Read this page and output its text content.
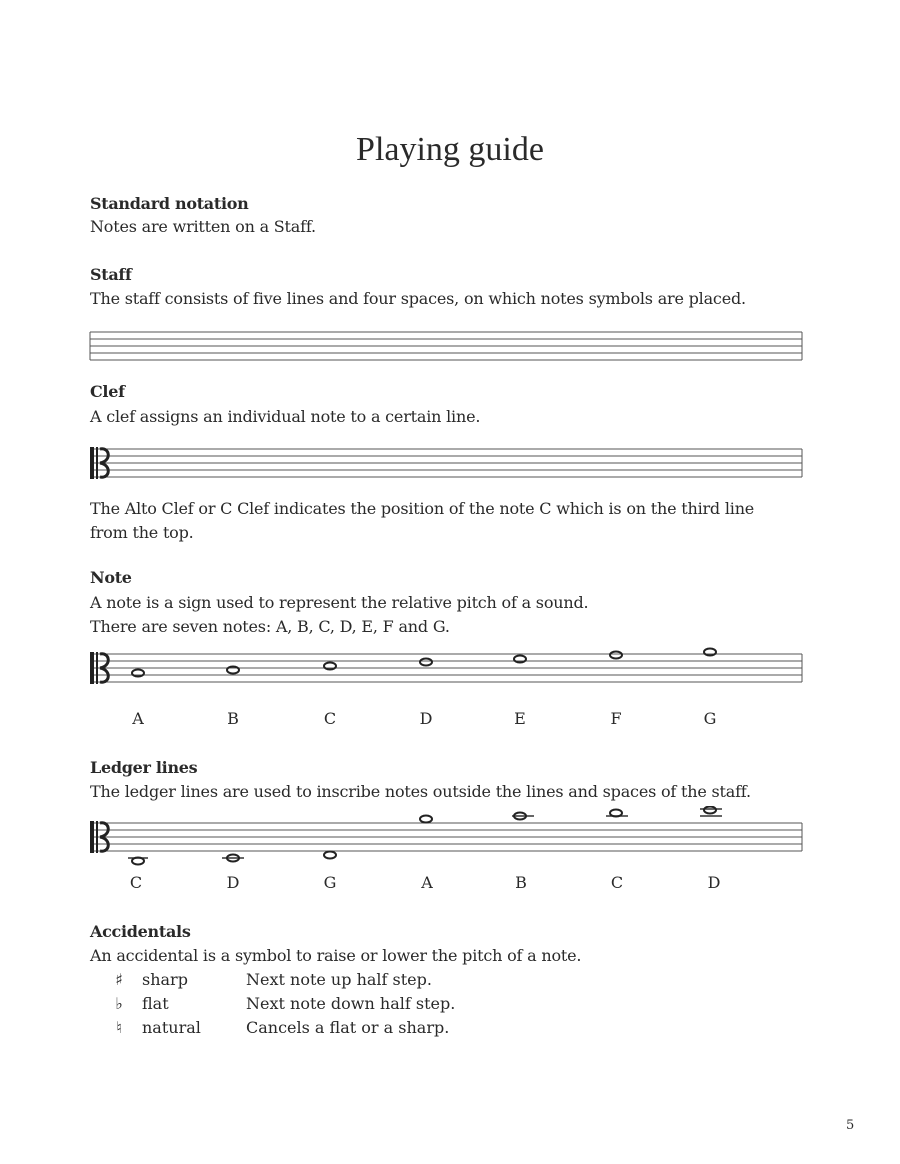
Playing guide
Standard notation
Notes are written on a Staff.
Staff
The staff consists of five lines and four spaces, on which notes symbols are placed.
Clef
A clef assigns an individual note to a certain line.
The Alto Clef or C Clef indicates the position of the note C which is on the third line
from the top.
Note
A note is a sign used to represent the relative pitch of a sound.
There are seven notes: A, B, C, D, E, F and G.
A	B	C	D	E	F	G
Ledger lines
The ledger lines are used to inscribe notes outside the lines and spaces of the staff.
C	D	G	A	B	C	D
Accidentals
An accidental is a symbol to raise or lower the pitch of a note.
♯ sharp	Next note up half step.
♭ flat	Next note down half step.
♮ natural	Cancels a flat or a sharp.
5
